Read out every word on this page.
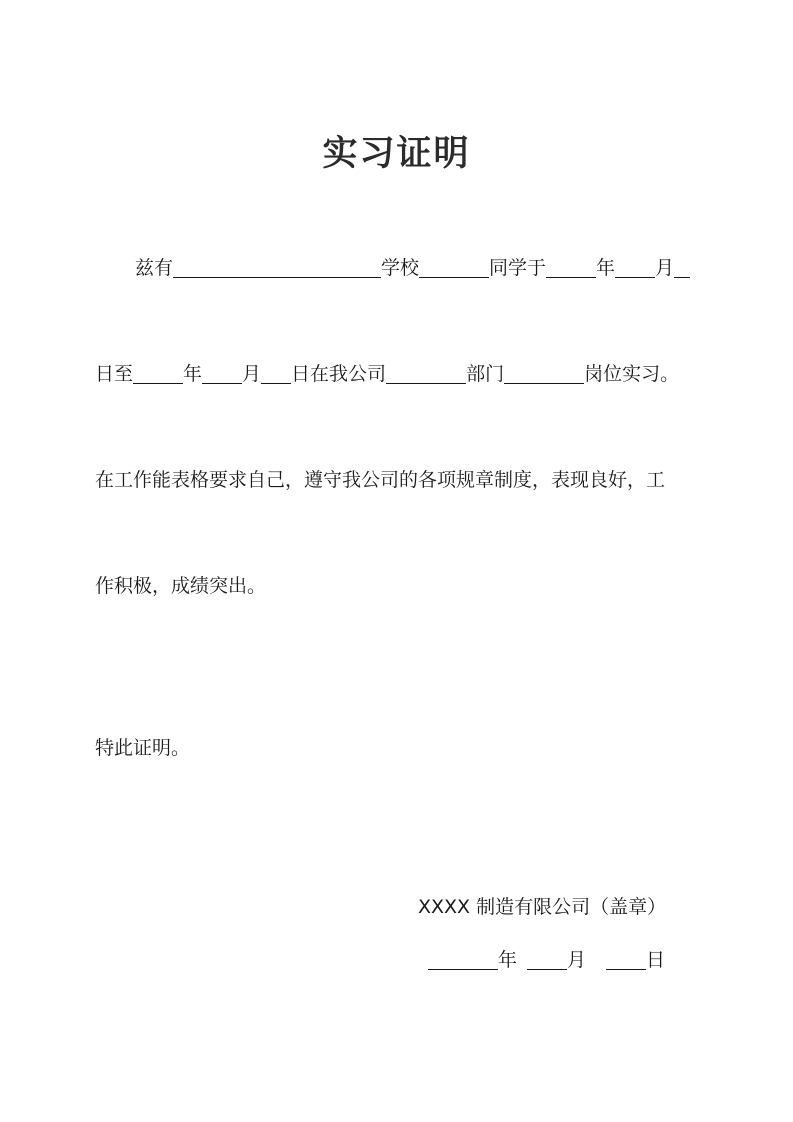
实习证明
兹有	学校	同学于	年 月
日至	年 月 日在我公司	部门	岗位实习。
在工作能表格要求自己，遵守我公司的各项规章制度，表现良好，工
作积极，成绩突出。
特此证明。
XXXX 制造有限公司（盖章）
年	月	日
